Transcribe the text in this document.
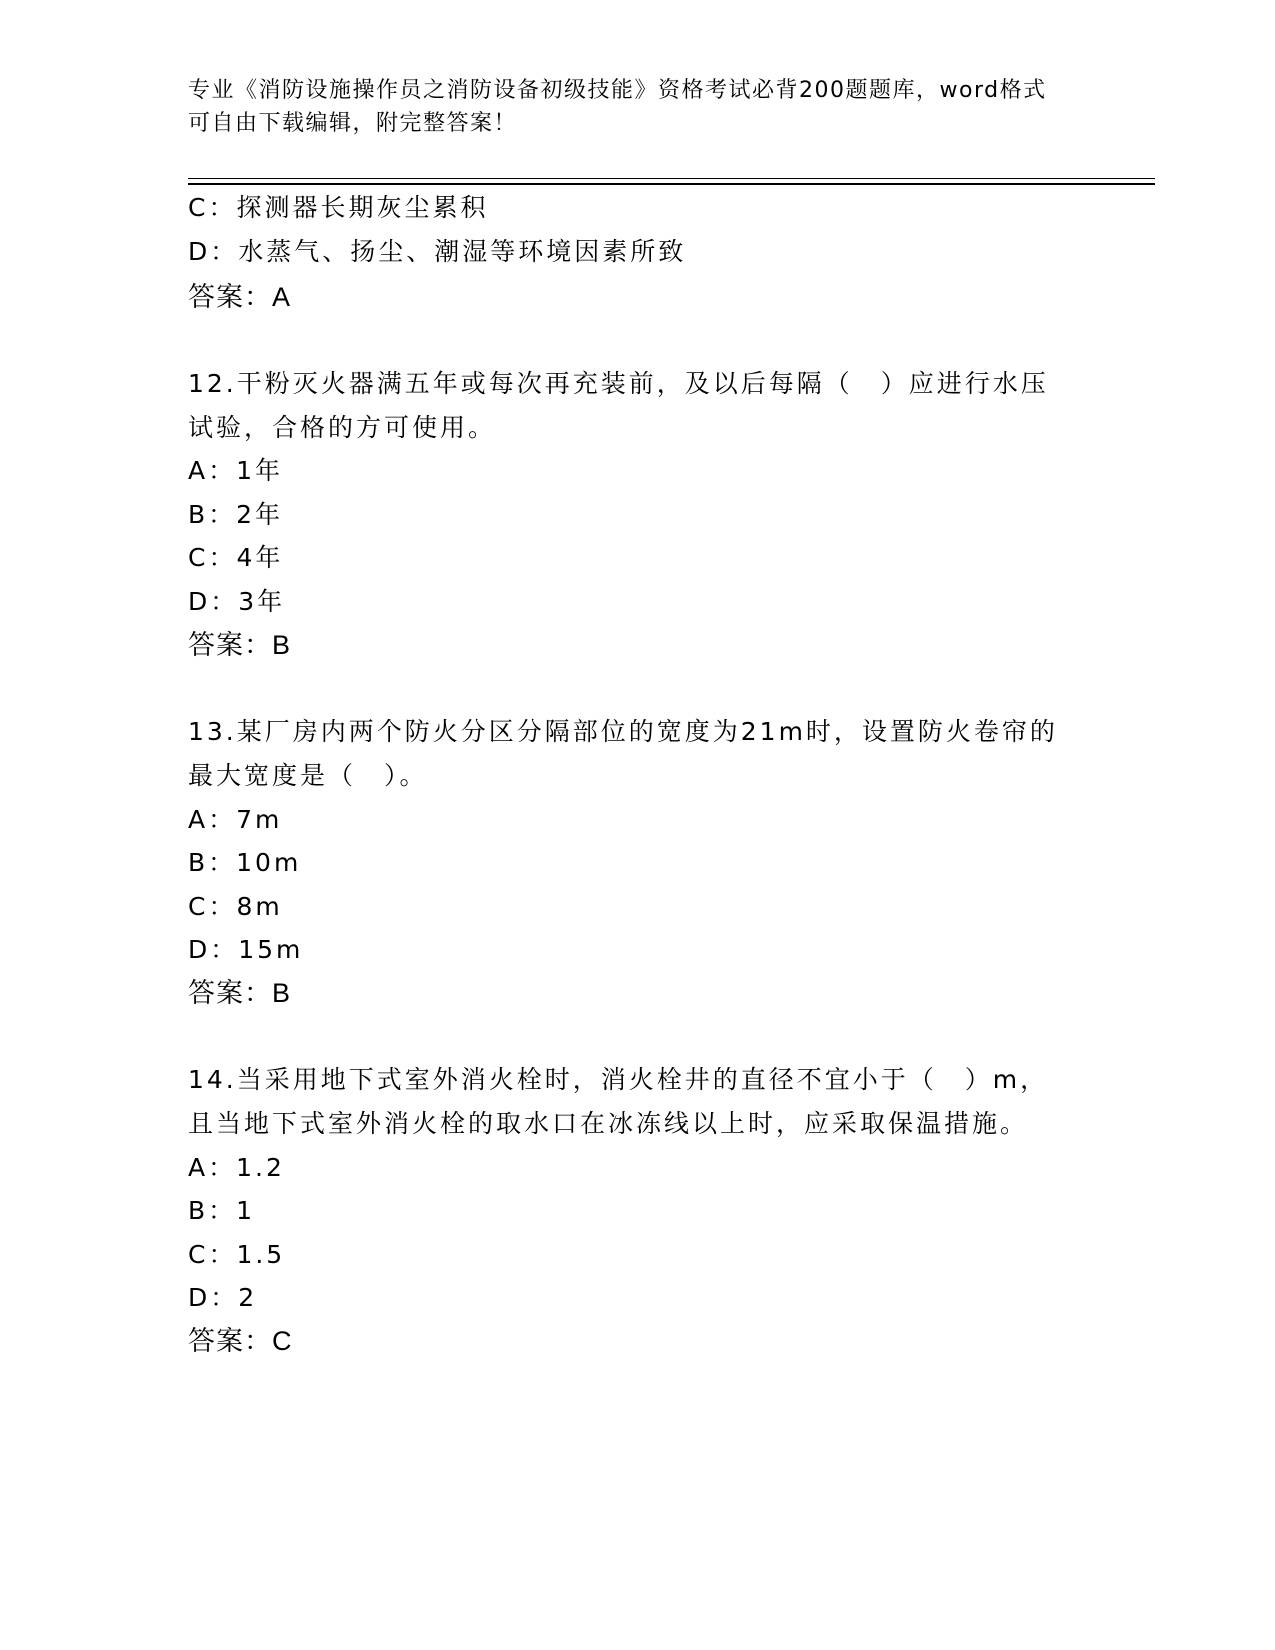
专业《消防设施操作员之消防设备初级技能》资格考试必背200题题库，word格式可自由下载编辑，附完整答案！
C：探测器长期灰尘累积
D：水蒸气、扬尘、潮湿等环境因素所致
答案：A
12.干粉灭火器满五年或每次再充装前，及以后每隔（　）应进行水压
试验，合格的方可使用。
A：1年
B：2年
C：4年
D：3年
答案：B
13.某厂房内两个防火分区分隔部位的宽度为21m时，设置防火卷帘的
最大宽度是（　）。
A：7m
B：10m
C：8m
D：15m
答案：B
14.当采用地下式室外消火栓时，消火栓井的直径不宜小于（　）m，
且当地下式室外消火栓的取水口在冰冻线以上时，应采取保温措施。
A：1.2
B：1
C：1.5
D：2
答案：C
